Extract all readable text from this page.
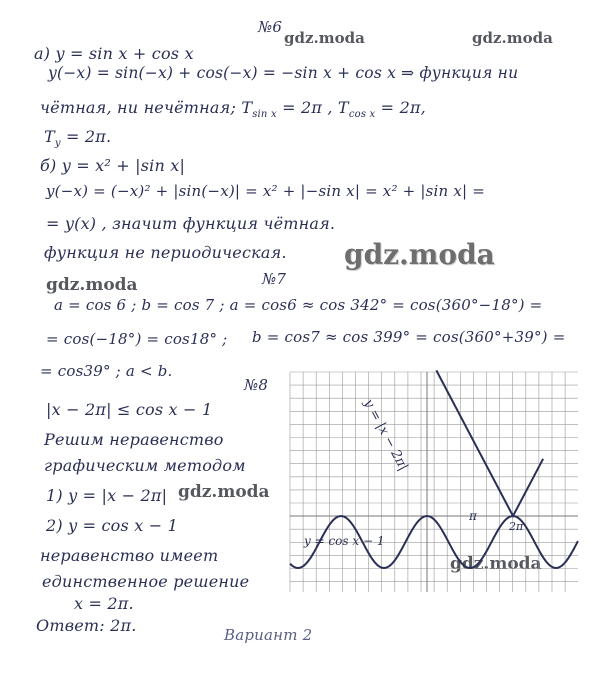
gdz.moda	gdz.moda
gdz.moda
gdz.moda
gdz.moda
gdz.moda
№6
a) y = sin x + cos x
y(−x) = sin(−x) + cos(−x) = −sin x + cos x ⇒ функция ни
чётная, ни нечётная; $T_{sin x} = 2\pi$ , $T_{cos x} = 2\pi$,
$T_y = 2\pi$.
б) y = x² + |sin x|
y(−x) = (−x)² + |sin(−x)| = x² + |−sin x| = x² + |sin x| =
= y(x) , значит функция чётная.
функция не периодическая.
№7
a = cos 6 ; b = cos 7 ; a = cos6 ≈ cos 342° = cos(360°−18°) =
= cos(−18°) = cos18° ; b = cos7 ≈ cos 399° = cos(360°+39°) =
= cos39° ; a < b.
№8
|x − 2π| ≤ cos x − 1
Решим неравенство
графическим методом
1) y = |x − 2π|
2) y = cos x − 1
неравенство имеет
единственное решение
x = 2π.
Ответ: 2π.	Вариант 2
y = |x − 2π|
y = cos x − 1
π
2π
